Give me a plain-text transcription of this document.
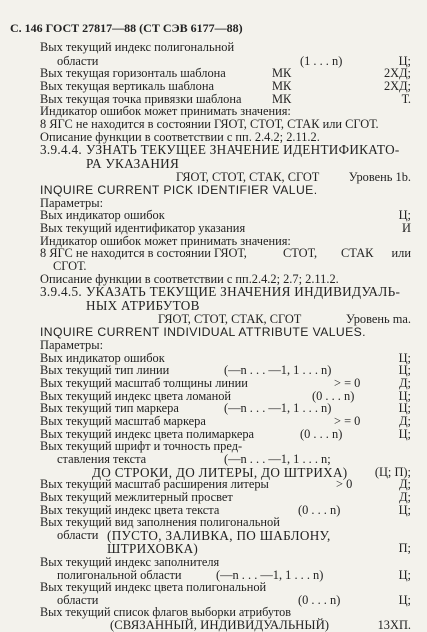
С. 146 ГОСТ 27817—88 (СТ СЭВ 6177—88)
Вых текущий индекс полигональной
области	(1 . . . n)	Ц;
Вых текущая горизонталь шаблона	МК	2ХД;
Вых текущая вертикаль шаблона	МК	2ХД;
Вых текущая точка привязки шаблона МК	Т.
Индикатор ошибок может принимать значения:
8 ЯГС не находится в состоянии ГЯОТ, СТОТ, СТАК или СГОТ.
Описание функции в соответствии с пп. 2.4.2; 2.11.2.
3.9.4.4. УЗНАТЬ ТЕКУЩЕЕ ЗНАЧЕНИЕ ИДЕНТИФИКАТО-
РА УКАЗАНИЯ
ГЯОТ, СТОТ, СТАК, СГОТ Уровень 1b.
INQUIRE CURRENT PICK IDENTIFIER VALUE.
Параметры:
Вых индикатор ошибок	Ц;
Вых текущий идентификатор указания	И
Индикатор ошибок может принимать значения:
8 ЯГС не находится в состоянии ГЯОТ,	СТОТ, СТАК или
СГОТ.
Описание функции в соответствии с пп.2.4.2; 2.7; 2.11.2.
3.9.4.5. УКАЗАТЬ ТЕКУЩИЕ ЗНАЧЕНИЯ ИНДИВИДУАЛЬ-
НЫХ АТРИБУТОВ
ГЯОТ, СТОТ, СТАК, СГОТ	Уровень ma.
INQUIRE CURRENT INDIVIDUAL ATTRIBUTE VALUES.
Параметры:
Вых индикатор ошибок	Ц;
Вых текущий тип линии	(—n . . . —1, 1 . . . n)	Ц;
Вых текущий масштаб толщины линии	> = 0	Д;
Вых текущий индекс цвета ломаной	(0 . . . n)	Ц;
Вых текущий тип маркера	(—n . . . —1, 1 . . . n)	Ц;
Вых текущий масштаб маркера	> = 0	Д;
Вых текущий индекс цвета полимаркера	(0 . . . n)	Ц;
Вых текущий шрифт и точность пред-
ставления текста	(—n . . . —1, 1 . . . n;
ДО СТРОКИ, ДО ЛИТЕРЫ, ДО ШТРИХА) (Ц; П);
Вых текущий масштаб расширения литеры	> 0	Д;
Вых текущий межлитерный просвет	Д;
Вых текущий индекс цвета текста	(0 . . . n)	Ц;
Вых текущий вид заполнения полигональной
области (ПУСТО, ЗАЛИВКА, ПО ШАБЛОНУ,
ШТРИХОВКА)	П;
Вых текущий индекс заполнителя
полигональной области	(—n . . . —1, 1 . . . n)	Ц;
Вых текущий индекс цвета полигональной
области	(0 . . . n)	Ц;
Вых текущий список флагов выборки атрибутов
(СВЯЗАННЫЙ, ИНДИВИДУАЛЬНЫЙ)	13ХП.
